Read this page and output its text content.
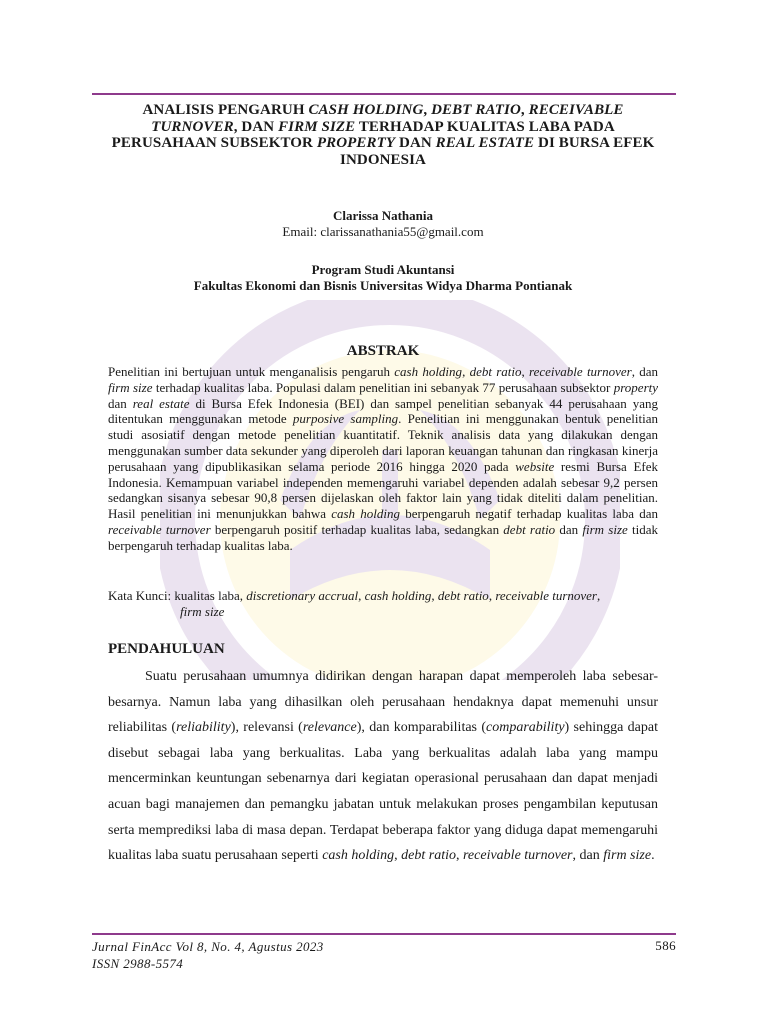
ANALISIS PENGARUH CASH HOLDING, DEBT RATIO, RECEIVABLE TURNOVER, DAN FIRM SIZE TERHADAP KUALITAS LABA PADA PERUSAHAAN SUBSEKTOR PROPERTY DAN REAL ESTATE DI BURSA EFEK INDONESIA
Clarissa Nathania
Email: clarissanathania55@gmail.com
Program Studi Akuntansi
Fakultas Ekonomi dan Bisnis Universitas Widya Dharma Pontianak
ABSTRAK
Penelitian ini bertujuan untuk menganalisis pengaruh cash holding, debt ratio, receivable turnover, dan firm size terhadap kualitas laba. Populasi dalam penelitian ini sebanyak 77 perusahaan subsektor property dan real estate di Bursa Efek Indonesia (BEI) dan sampel penelitian sebanyak 44 perusahaan yang ditentukan menggunakan metode purposive sampling. Penelitian ini menggunakan bentuk penelitian studi asosiatif dengan metode penelitian kuantitatif. Teknik analisis data yang dilakukan dengan menggunakan sumber data sekunder yang diperoleh dari laporan keuangan tahunan dan ringkasan kinerja perusahaan yang dipublikasikan selama periode 2016 hingga 2020 pada website resmi Bursa Efek Indonesia. Kemampuan variabel independen memengaruhi variabel dependen adalah sebesar 9,2 persen sedangkan sisanya sebesar 90,8 persen dijelaskan oleh faktor lain yang tidak diteliti dalam penelitian. Hasil penelitian ini menunjukkan bahwa cash holding berpengaruh negatif terhadap kualitas laba dan receivable turnover berpengaruh positif terhadap kualitas laba, sedangkan debt ratio dan firm size tidak berpengaruh terhadap kualitas laba.
Kata Kunci: kualitas laba, discretionary accrual, cash holding, debt ratio, receivable turnover,
firm size
PENDAHULUAN
Suatu perusahaan umumnya didirikan dengan harapan dapat memperoleh laba sebesar-besarnya. Namun laba yang dihasilkan oleh perusahaan hendaknya dapat memenuhi unsur reliabilitas (reliability), relevansi (relevance), dan komparabilitas (comparability) sehingga dapat disebut sebagai laba yang berkualitas. Laba yang berkualitas adalah laba yang mampu mencerminkan keuntungan sebenarnya dari kegiatan operasional perusahaan dan dapat menjadi acuan bagi manajemen dan pemangku jabatan untuk melakukan proses pengambilan keputusan serta memprediksi laba di masa depan. Terdapat beberapa faktor yang diduga dapat memengaruhi kualitas laba suatu perusahaan seperti cash holding, debt ratio, receivable turnover, dan firm size.
Jurnal FinAcc Vol 8, No. 4, Agustus 2023
ISSN 2988-5574
586
